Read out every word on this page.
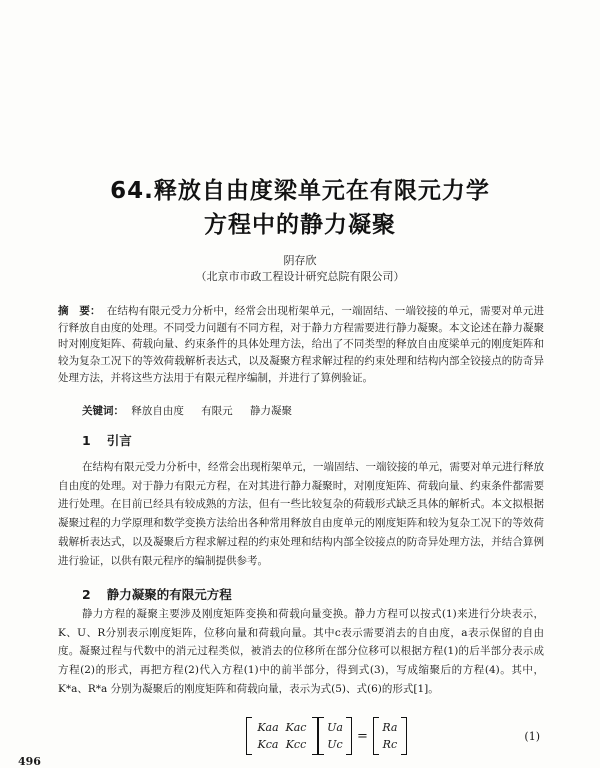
64.释放自由度梁单元在有限元力学
方程中的静力凝聚
阴存欣
（北京市市政工程设计研究总院有限公司）
摘　要： 在结构有限元受力分析中，经常会出现桁架单元，一端固结、一端铰接的单元，需要对单元进行释放自由度的处理。不同受力问题有不同方程，对于静力方程需要进行静力凝聚。本文论述在静力凝聚时对刚度矩阵、荷载向量、约束条件的具体处理方法，给出了不同类型的释放自由度梁单元的刚度矩阵和较为复杂工况下的等效荷载解析表达式，以及凝聚方程求解过程的约束处理和结构内部全铰接点的防奇异处理方法，并将这些方法用于有限元程序编制，并进行了算例验证。
关键词： 释放自由度 有限元 静力凝聚
1 引言
在结构有限元受力分析中，经常会出现桁架单元，一端固结、一端铰接的单元，需要对单元进行释放自由度的处理。对于静力有限元方程，在对其进行静力凝聚时，对刚度矩阵、荷载向量、约束条件都需要进行处理。在目前已经具有较成熟的方法，但有一些比较复杂的荷载形式缺乏具体的解析式。本文拟根据凝聚过程的力学原理和数学变换方法给出各种常用释放自由度单元的刚度矩阵和较为复杂工况下的等效荷载解析表达式，以及凝聚后方程求解过程的约束处理和结构内部全铰接点的防奇异处理方法，并结合算例进行验证，以供有限元程序的编制提供参考。
2 静力凝聚的有限元方程
静力方程的凝聚主要涉及刚度矩阵变换和荷载向量变换。静力方程可以按式(1)来进行分块表示，K、U、R分别表示刚度矩阵，位移向量和荷载向量。其中c表示需要消去的自由度，a表示保留的自由度。凝聚过程与代数中的消元过程类似，被消去的位移所在部分位移可以根据方程(1)的后半部分表示成方程(2)的形式，再把方程(2)代入方程(1)中的前半部分，得到式(3)，写成缩聚后的方程(4)。其中，K*a、R*a 分别为凝聚后的刚度矩阵和荷载向量，表示为式(5)、式(6)的形式[1]。
Kaa Kac
Kca Kcc
Ua
Uc
=
Ra
Rc
(1)
496
